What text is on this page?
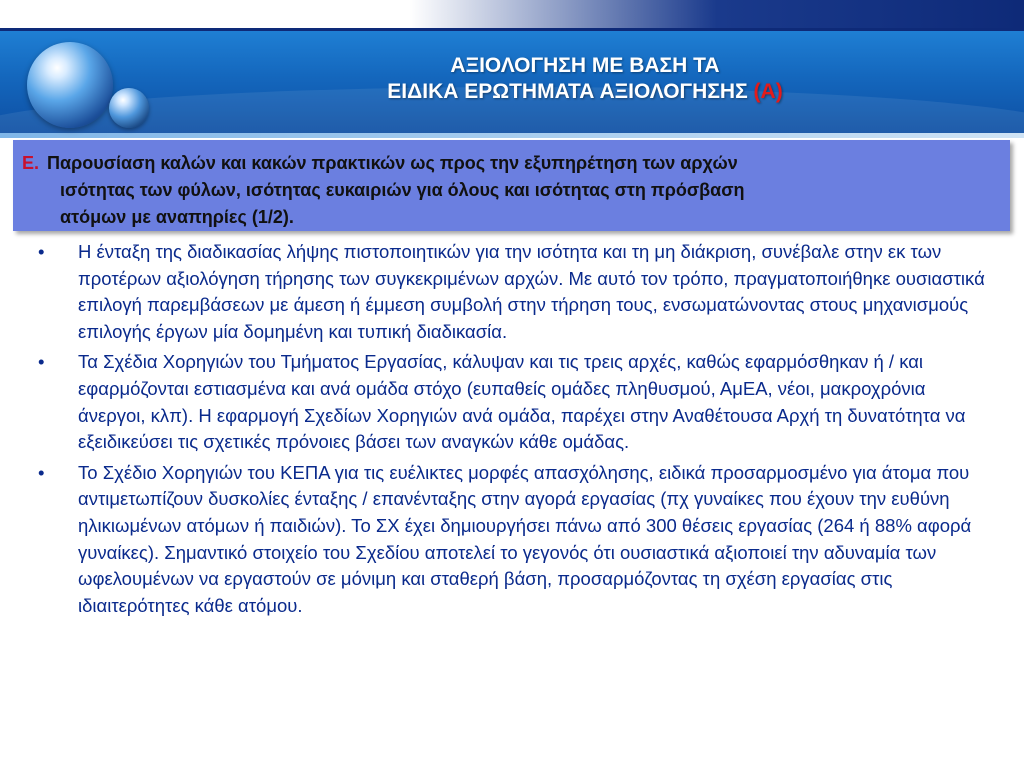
ΑΞΙΟΛΟΓΗΣΗ ΜΕ ΒΑΣΗ ΤΑ
ΕΙΔΙΚΑ ΕΡΩΤΗΜΑΤΑ ΑΞΙΟΛΟΓΗΣΗΣ (Α)
Ε. Παρουσίαση καλών και κακών πρακτικών ως προς την εξυπηρέτηση των αρχών
ισότητας των φύλων, ισότητας ευκαιριών για όλους και ισότητας στη πρόσβαση
ατόμων με αναπηρίες (1/2).
• Η ένταξη της διαδικασίας λήψης πιστοποιητικών για την ισότητα και τη μη διάκριση, συνέβαλε στην εκ των προτέρων αξιολόγηση τήρησης των συγκεκριμένων αρχών. Με αυτό τον τρόπο, πραγματοποιήθηκε ουσιαστικά επιλογή παρεμβάσεων με άμεση ή έμμεση συμβολή στην τήρηση τους, ενσωματώνοντας στους μηχανισμούς επιλογής έργων μία δομημένη και τυπική διαδικασία.
• Τα Σχέδια Χορηγιών του Τμήματος Εργασίας, κάλυψαν και τις τρεις αρχές, καθώς εφαρμόσθηκαν ή / και εφαρμόζονται εστιασμένα και ανά ομάδα στόχο (ευπαθείς ομάδες πληθυσμού, ΑμΕΑ, νέοι, μακροχρόνια άνεργοι, κλπ). Η εφαρμογή Σχεδίων Χορηγιών ανά ομάδα, παρέχει στην Αναθέτουσα Αρχή τη δυνατότητα να εξειδικεύσει τις σχετικές πρόνοιες βάσει των αναγκών κάθε ομάδας.
• Το Σχέδιο Χορηγιών του ΚΕΠΑ για τις ευέλικτες μορφές απασχόλησης, ειδικά προσαρμοσμένο για άτομα που αντιμετωπίζουν δυσκολίες ένταξης / επανένταξης στην αγορά εργασίας (πχ γυναίκες που έχουν την ευθύνη ηλικιωμένων ατόμων ή παιδιών). Το ΣΧ έχει δημιουργήσει πάνω από 300 θέσεις εργασίας (264 ή 88% αφορά γυναίκες). Σημαντικό στοιχείο του Σχεδίου αποτελεί το γεγονός ότι ουσιαστικά αξιοποιεί την αδυναμία των ωφελουμένων να εργαστούν σε μόνιμη και σταθερή βάση, προσαρμόζοντας τη σχέση εργασίας στις ιδιαιτερότητες κάθε ατόμου.
